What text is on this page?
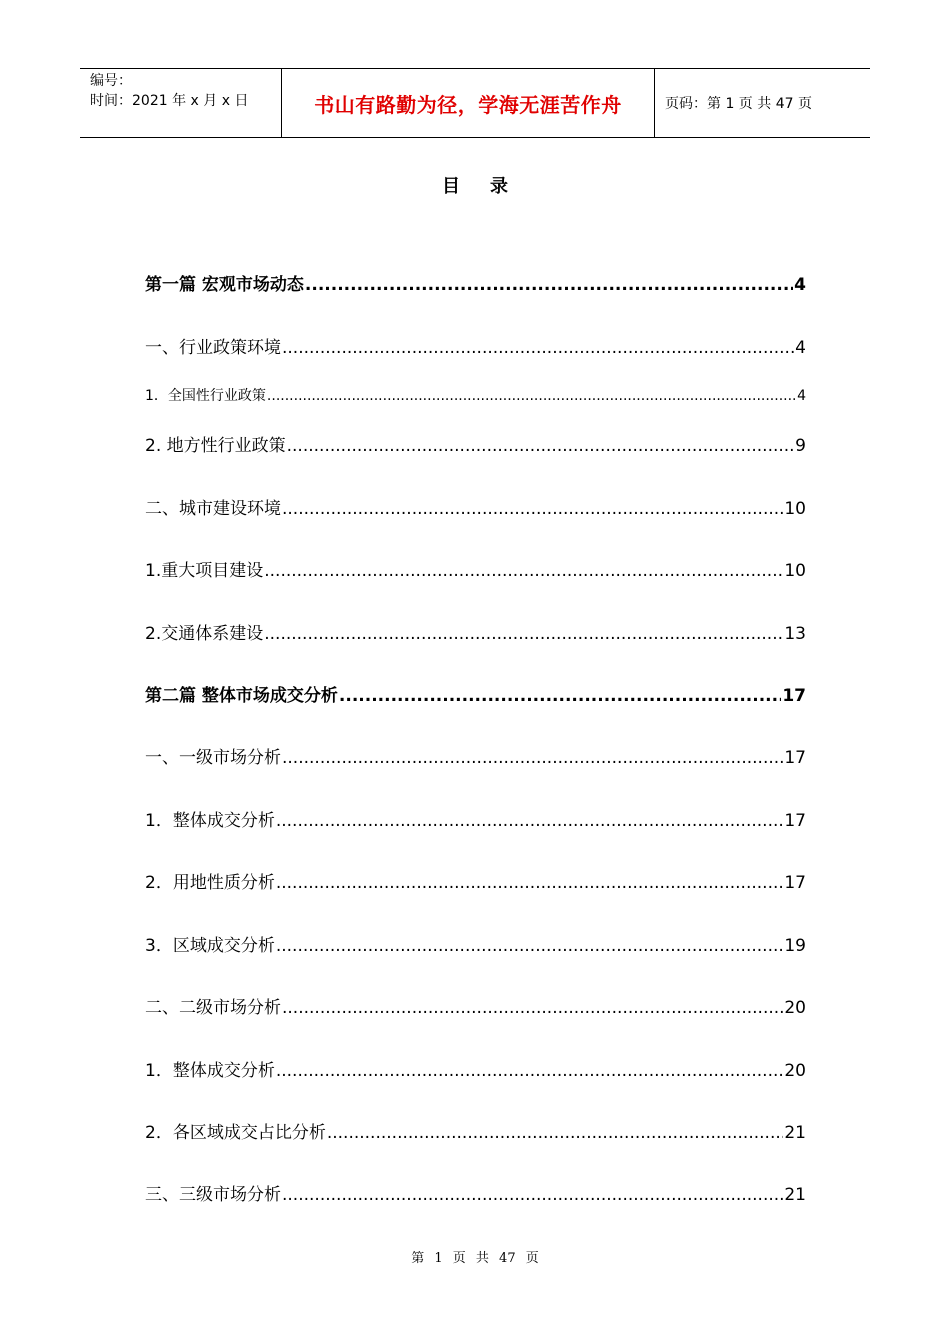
编号：
时间：2021 年 x 月 x 日	书山有路勤为径，学海无涯苦作舟	页码：第 1 页 共 47 页
目录
第一篇 宏观市场动态 .....	4
一、行业政策环境 .....	4
1．全国性行业政策 .....	4
2. 地方性行业政策 .....	9
二、城市建设环境 .....	10
1.重大项目建设 .....	10
2.交通体系建设 .....	13
第二篇 整体市场成交分析 .....	17
一、一级市场分析 .....	17
1．整体成交分析 .....	17
2．用地性质分析 .....	17
3．区域成交分析 .....	19
二、二级市场分析 .....	20
1．整体成交分析 .....	20
2．各区域成交占比分析 .....	21
三、三级市场分析 .....	21
第 1 页 共 47 页
